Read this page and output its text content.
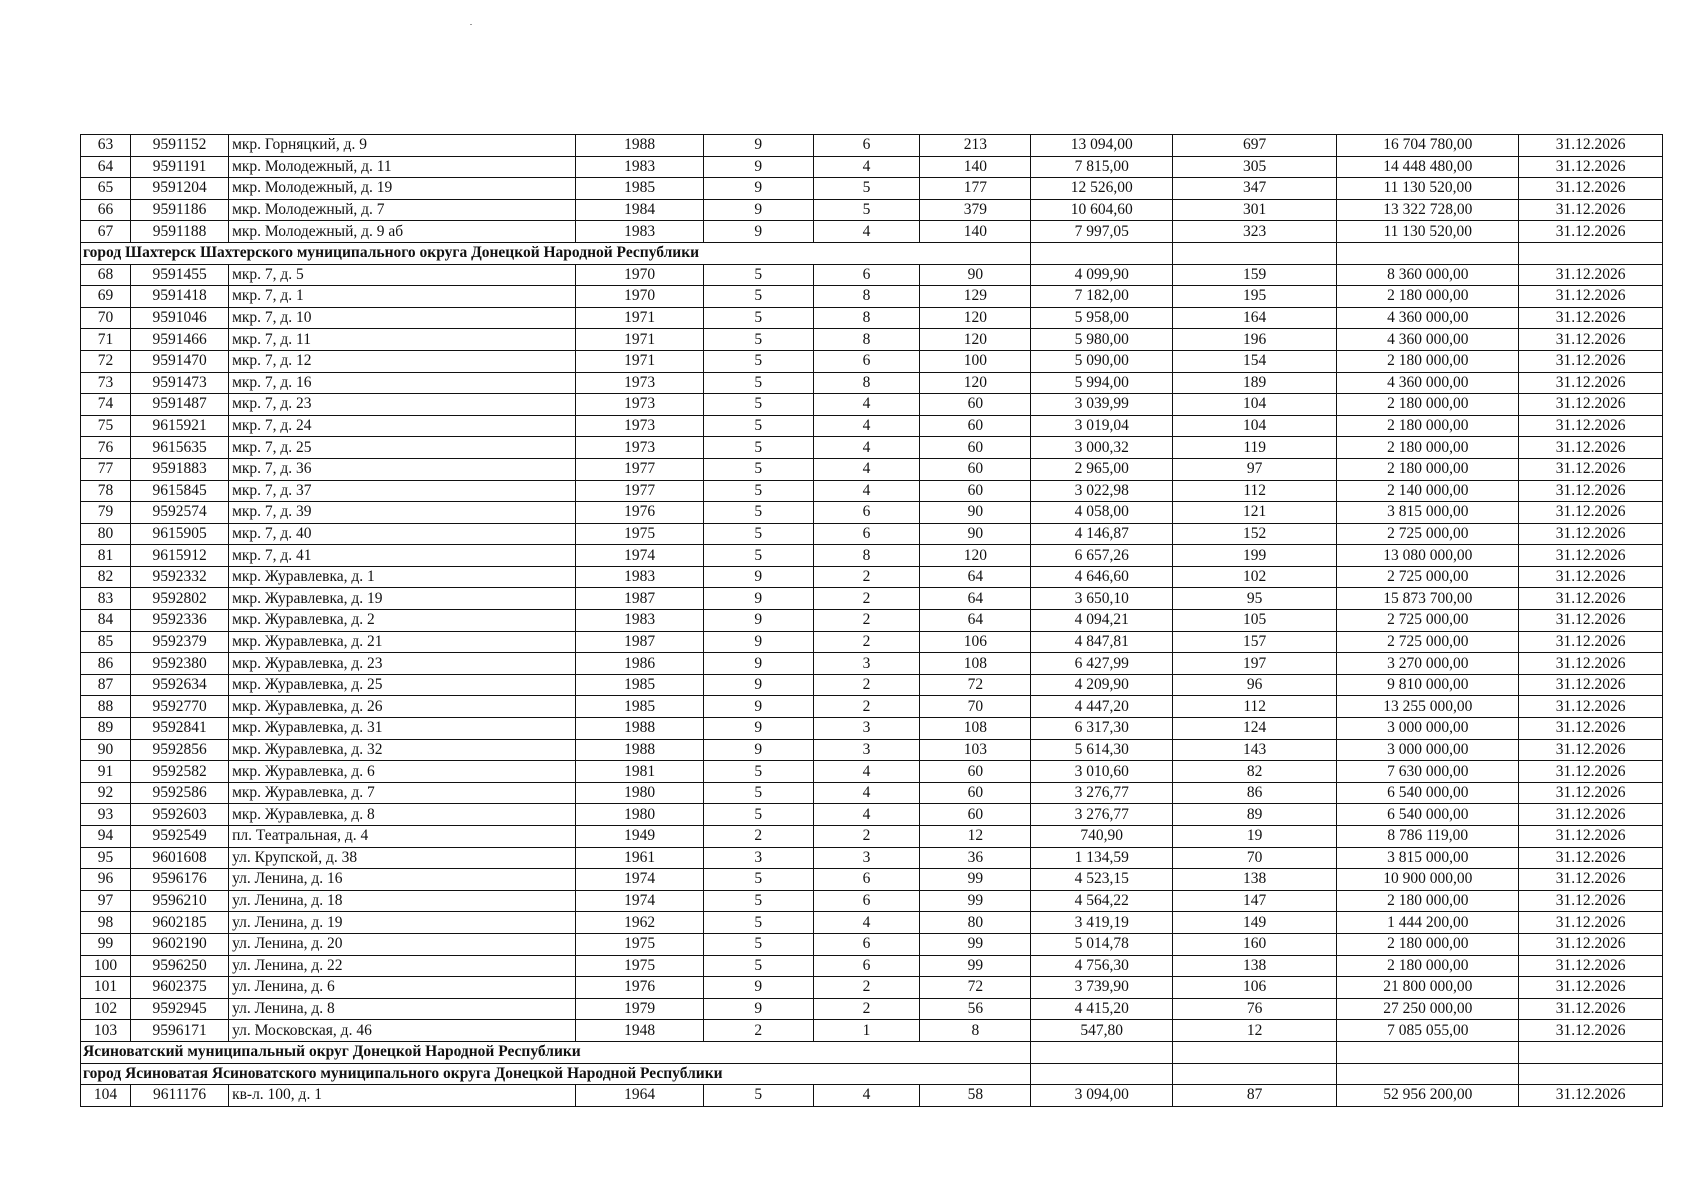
63	9591152	мкр. Горняцкий, д. 9	1988	9	6	213	13 094,00	697	16 704 780,00	31.12.2026
64	9591191	мкр. Молодежный, д. 11	1983	9	4	140	7 815,00	305	14 448 480,00	31.12.2026
65	9591204	мкр. Молодежный, д. 19	1985	9	5	177	12 526,00	347	11 130 520,00	31.12.2026
66	9591186	мкр. Молодежный, д. 7	1984	9	5	379	10 604,60	301	13 322 728,00	31.12.2026
67	9591188	мкр. Молодежный, д. 9 аб	1983	9	4	140	7 997,05	323	11 130 520,00	31.12.2026
город Шахтерск Шахтерского муниципального округа Донецкой Народной Республики										
68	9591455	мкр. 7, д. 5	1970	5	6	90	4 099,90	159	8 360 000,00	31.12.2026
69	9591418	мкр. 7, д. 1	1970	5	8	129	7 182,00	195	2 180 000,00	31.12.2026
70	9591046	мкр. 7, д. 10	1971	5	8	120	5 958,00	164	4 360 000,00	31.12.2026
71	9591466	мкр. 7, д. 11	1971	5	8	120	5 980,00	196	4 360 000,00	31.12.2026
72	9591470	мкр. 7, д. 12	1971	5	6	100	5 090,00	154	2 180 000,00	31.12.2026
73	9591473	мкр. 7, д. 16	1973	5	8	120	5 994,00	189	4 360 000,00	31.12.2026
74	9591487	мкр. 7, д. 23	1973	5	4	60	3 039,99	104	2 180 000,00	31.12.2026
75	9615921	мкр. 7, д. 24	1973	5	4	60	3 019,04	104	2 180 000,00	31.12.2026
76	9615635	мкр. 7, д. 25	1973	5	4	60	3 000,32	119	2 180 000,00	31.12.2026
77	9591883	мкр. 7, д. 36	1977	5	4	60	2 965,00	97	2 180 000,00	31.12.2026
78	9615845	мкр. 7, д. 37	1977	5	4	60	3 022,98	112	2 140 000,00	31.12.2026
79	9592574	мкр. 7, д. 39	1976	5	6	90	4 058,00	121	3 815 000,00	31.12.2026
80	9615905	мкр. 7, д. 40	1975	5	6	90	4 146,87	152	2 725 000,00	31.12.2026
81	9615912	мкр. 7, д. 41	1974	5	8	120	6 657,26	199	13 080 000,00	31.12.2026
82	9592332	мкр. Журавлевка, д. 1	1983	9	2	64	4 646,60	102	2 725 000,00	31.12.2026
83	9592802	мкр. Журавлевка, д. 19	1987	9	2	64	3 650,10	95	15 873 700,00	31.12.2026
84	9592336	мкр. Журавлевка, д. 2	1983	9	2	64	4 094,21	105	2 725 000,00	31.12.2026
85	9592379	мкр. Журавлевка, д. 21	1987	9	2	106	4 847,81	157	2 725 000,00	31.12.2026
86	9592380	мкр. Журавлевка, д. 23	1986	9	3	108	6 427,99	197	3 270 000,00	31.12.2026
87	9592634	мкр. Журавлевка, д. 25	1985	9	2	72	4 209,90	96	9 810 000,00	31.12.2026
88	9592770	мкр. Журавлевка, д. 26	1985	9	2	70	4 447,20	112	13 255 000,00	31.12.2026
89	9592841	мкр. Журавлевка, д. 31	1988	9	3	108	6 317,30	124	3 000 000,00	31.12.2026
90	9592856	мкр. Журавлевка, д. 32	1988	9	3	103	5 614,30	143	3 000 000,00	31.12.2026
91	9592582	мкр. Журавлевка, д. 6	1981	5	4	60	3 010,60	82	7 630 000,00	31.12.2026
92	9592586	мкр. Журавлевка, д. 7	1980	5	4	60	3 276,77	86	6 540 000,00	31.12.2026
93	9592603	мкр. Журавлевка, д. 8	1980	5	4	60	3 276,77	89	6 540 000,00	31.12.2026
94	9592549	пл. Театральная, д. 4	1949	2	2	12	740,90	19	8 786 119,00	31.12.2026
95	9601608	ул. Крупской, д. 38	1961	3	3	36	1 134,59	70	3 815 000,00	31.12.2026
96	9596176	ул. Ленина, д. 16	1974	5	6	99	4 523,15	138	10 900 000,00	31.12.2026
97	9596210	ул. Ленина, д. 18	1974	5	6	99	4 564,22	147	2 180 000,00	31.12.2026
98	9602185	ул. Ленина, д. 19	1962	5	4	80	3 419,19	149	1 444 200,00	31.12.2026
99	9602190	ул. Ленина, д. 20	1975	5	6	99	5 014,78	160	2 180 000,00	31.12.2026
100	9596250	ул. Ленина, д. 22	1975	5	6	99	4 756,30	138	2 180 000,00	31.12.2026
101	9602375	ул. Ленина, д. 6	1976	9	2	72	3 739,90	106	21 800 000,00	31.12.2026
102	9592945	ул. Ленина, д. 8	1979	9	2	56	4 415,20	76	27 250 000,00	31.12.2026
103	9596171	ул. Московская, д. 46	1948	2	1	8	547,80	12	7 085 055,00	31.12.2026
Ясиноватский муниципальный округ Донецкой Народной Республики										
город Ясиноватая Ясиноватского муниципального округа Донецкой Народной Республики										
104	9611176	кв-л. 100, д. 1	1964	5	4	58	3 094,00	87	52 956 200,00	31.12.2026
